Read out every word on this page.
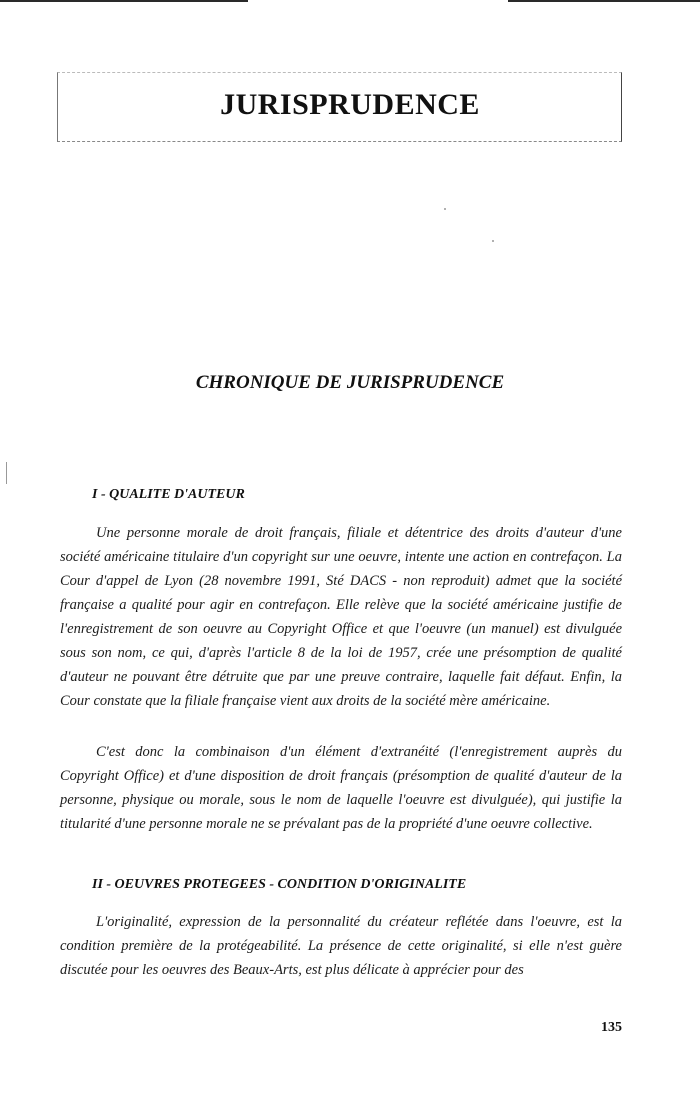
JURISPRUDENCE
CHRONIQUE DE JURISPRUDENCE
I - QUALITE D'AUTEUR

Une personne morale de droit français, filiale et détentrice des droits d'auteur d'une société américaine titulaire d'un copyright sur une oeuvre, intente une action en contrefaçon. La Cour d'appel de Lyon (28 novembre 1991, Sté DACS - non reproduit) admet que la société française a qualité pour agir en contrefaçon. Elle relève que la société américaine justifie de l'enregistrement de son oeuvre au Copyright Office et que l'oeuvre (un manuel) est divulguée sous son nom, ce qui, d'après l'article 8 de la loi de 1957, crée une présomption de qualité d'auteur ne pouvant être détruite que par une preuve contraire, laquelle fait défaut. Enfin, la Cour constate que la filiale française vient aux droits de la société mère américaine.

C'est donc la combinaison d'un élément d'extranéité (l'enregistrement auprès du Copyright Office) et d'une disposition de droit français (présomption de qualité d'auteur de la personne, physique ou morale, sous le nom de laquelle l'oeuvre est divulguée), qui justifie la titularité d'une personne morale ne se prévalant pas de la propriété d'une oeuvre collective.

II - OEUVRES PROTEGEES - CONDITION D'ORIGINALITE

L'originalité, expression de la personnalité du créateur reflétée dans l'oeuvre, est la condition première de la protégeabilité. La présence de cette originalité, si elle n'est guère discutée pour les oeuvres des Beaux-Arts, est plus délicate à apprécier pour des

135
